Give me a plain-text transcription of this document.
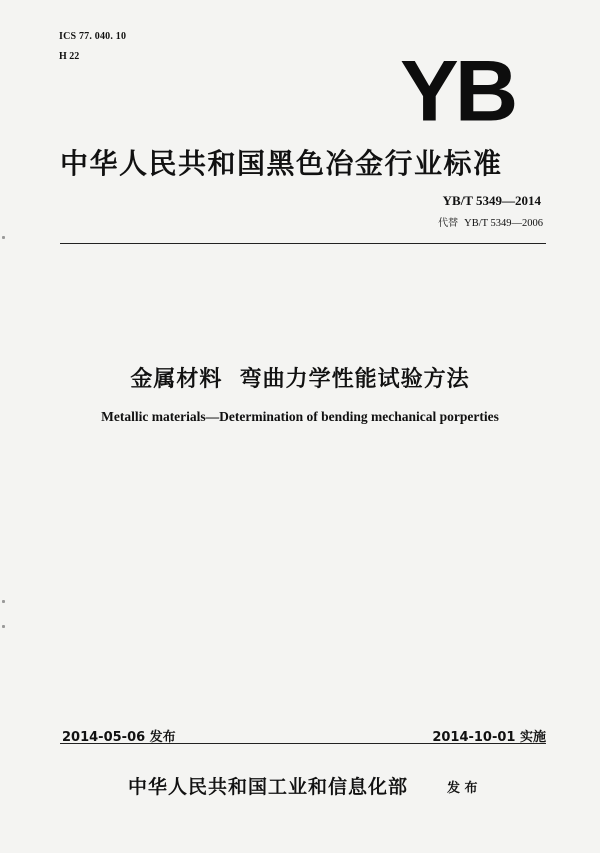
ICS 77. 040. 10
H 22	YB
中华人民共和国黑色冶金行业标准
YB/T 5349—2014
代替 YB/T 5349—2006
金属材料  弯曲力学性能试验方法
Metallic materials—Determination of bending mechanical porperties
2014-05-06 发布	2014-10-01 实施
中华人民共和国工业和信息化部	发 布
